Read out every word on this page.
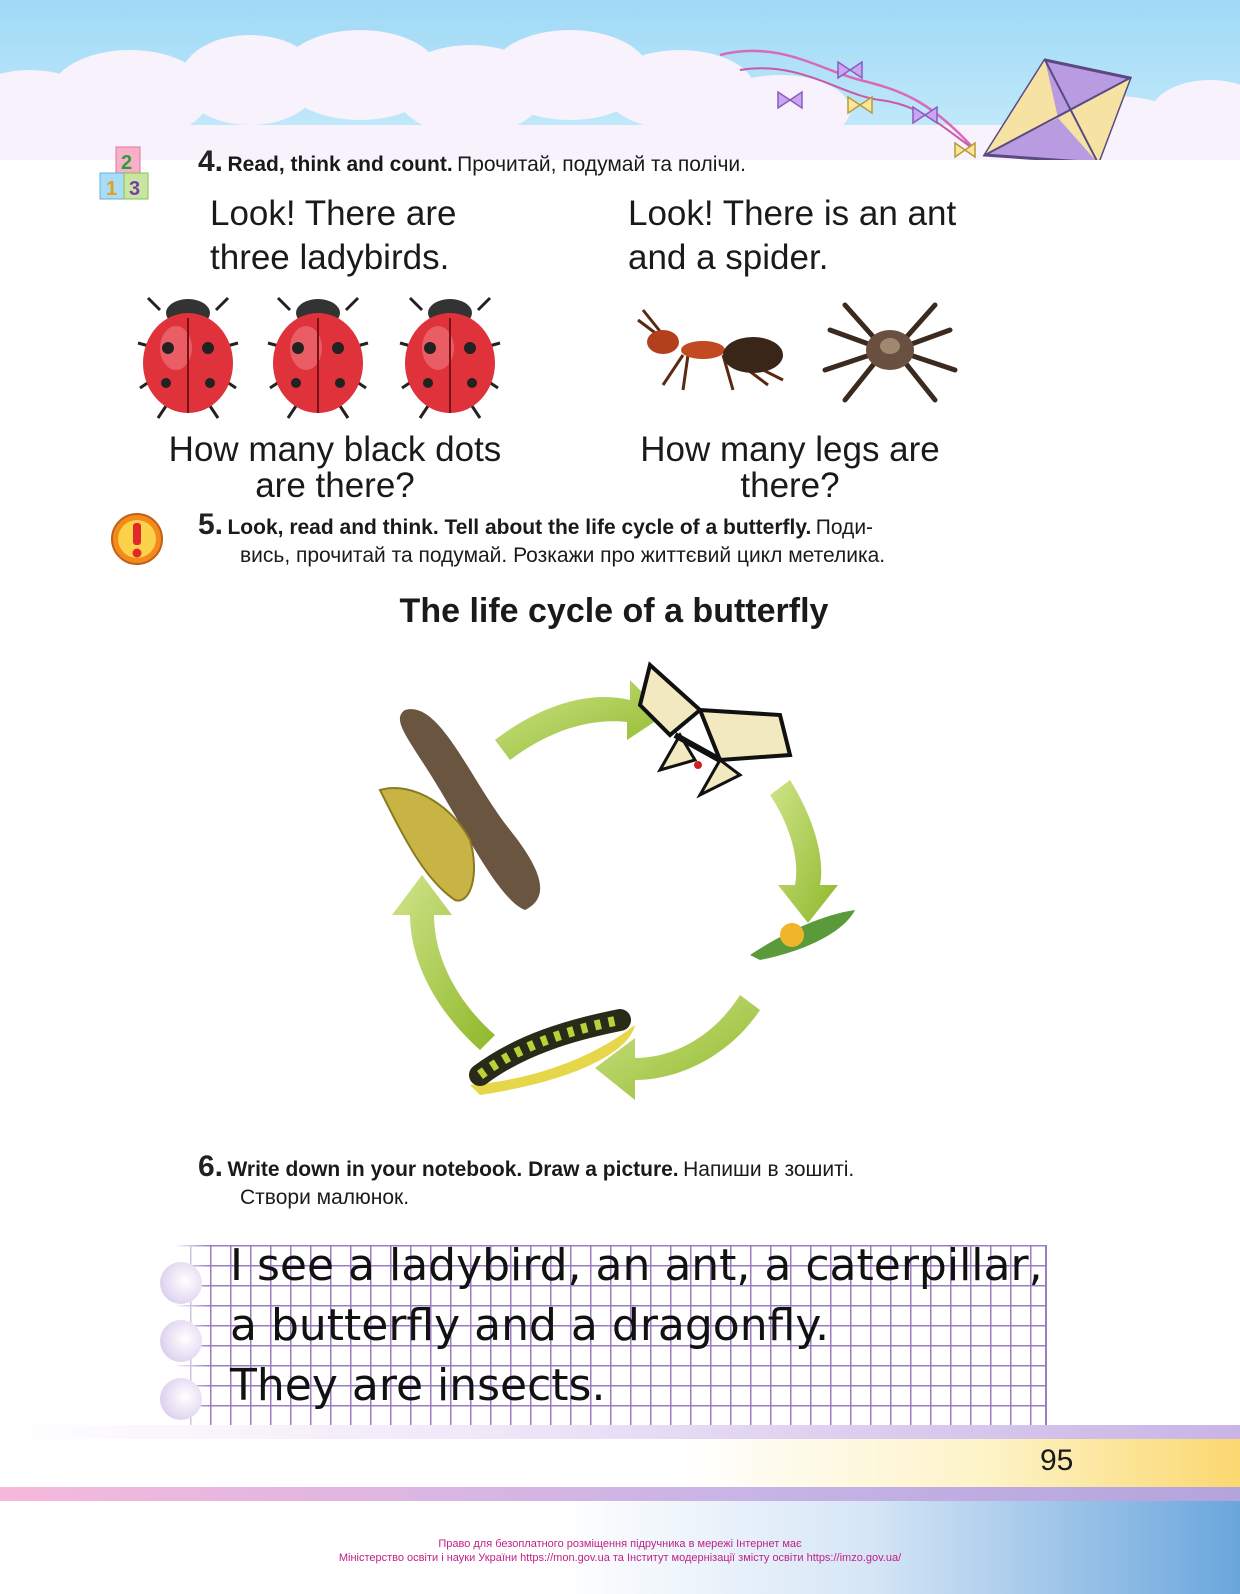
2
1 3
4. Read, think and count. Прочитай, подумай та полічи.
Look! There are
three ladybirds.
Look! There is an ant
and a spider.
How many black dots
are there?
How many legs are
there?
5. Look, read and think. Tell about the life cycle of a butterfly. Поди-
вись, прочитай та подумай. Розкажи про життєвий цикл метелика.
The life cycle of a butterfly
6. Write down in your notebook. Draw a picture. Напиши в зошиті.
Створи малюнок.
I see a ladybird, an ant, a caterpillar,
a butterfly and a dragonfly.
They are insects.
95
Право для безоплатного розміщення підручника в мережі Інтернет має
Міністерство освіти і науки України https://mon.gov.ua та Інститут модернізації змісту освіти https://imzo.gov.ua/
